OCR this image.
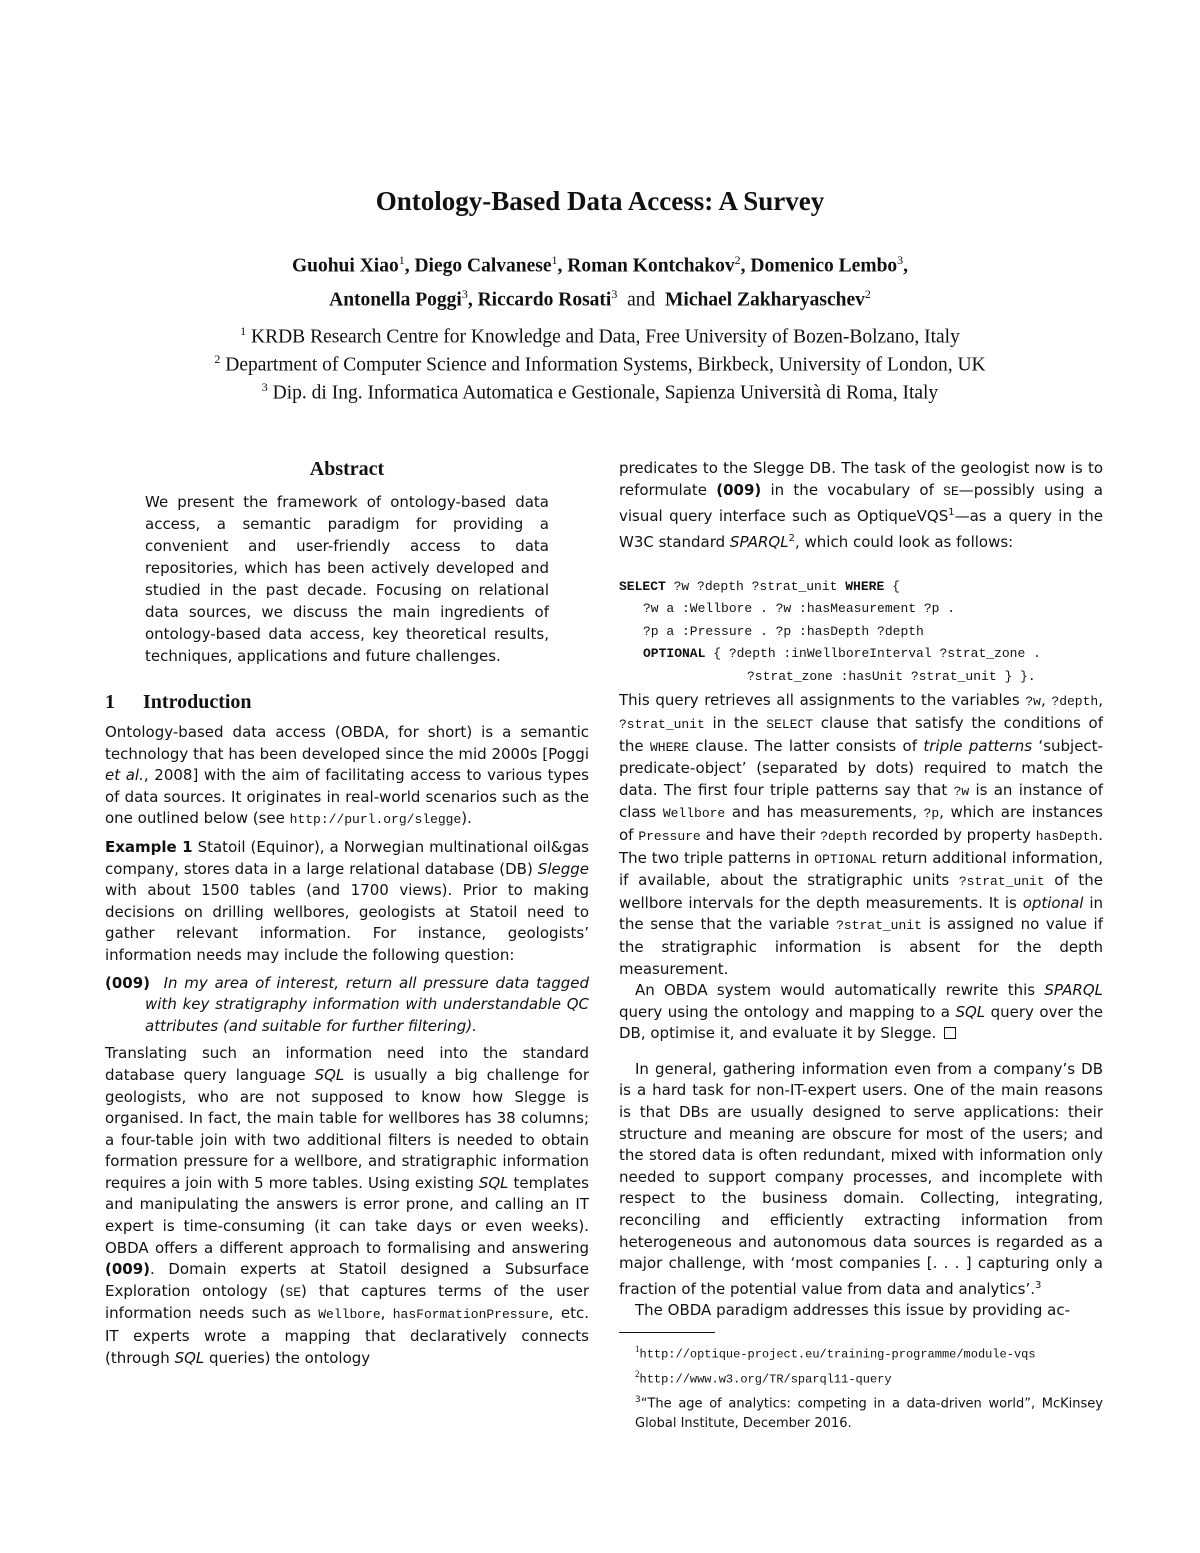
Ontology-Based Data Access: A Survey
Guohui Xiao$^1$, Diego Calvanese$^1$, Roman Kontchakov$^2$, Domenico Lembo$^3$,
Antonella Poggi$^3$, Riccardo Rosati$^3$ and Michael Zakharyaschev$^2$
$^1$ KRDB Research Centre for Knowledge and Data, Free University of Bozen-Bolzano, Italy
$^2$ Department of Computer Science and Information Systems, Birkbeck, University of London, UK
$^3$ Dip. di Ing. Informatica Automatica e Gestionale, Sapienza Università di Roma, Italy
Abstract

We present the framework of ontology-based data access, a semantic paradigm for providing a convenient and user-friendly access to data repositories, which has been actively developed and studied in the past decade. Focusing on relational data sources, we discuss the main ingredients of ontology-based data access, key theoretical results, techniques, applications and future challenges.

1 Introduction

Ontology-based data access (OBDA, for short) is a semantic technology that has been developed since the mid 2000s [Poggi et al., 2008] with the aim of facilitating access to various types of data sources. It originates in real-world scenarios such as the one outlined below (see http://purl.org/slegge).

Example 1 Statoil (Equinor), a Norwegian multinational oil&gas company, stores data in a large relational database (DB) Slegge with about 1500 tables (and 1700 views). Prior to making decisions on drilling wellbores, geologists at Statoil need to gather relevant information. For instance, geologists’ information needs may include the following question:

(009) In my area of interest, return all pressure data tagged with key stratigraphy information with understandable QC attributes (and suitable for further filtering).

Translating such an information need into the standard database query language SQL is usually a big challenge for geologists, who are not supposed to know how Slegge is organised. In fact, the main table for wellbores has 38 columns; a four-table join with two additional filters is needed to obtain formation pressure for a wellbore, and stratigraphic information requires a join with 5 more tables. Using existing SQL templates and manipulating the answers is error prone, and calling an IT expert is time-consuming (it can take days or even weeks). OBDA offers a different approach to formalising and answering (009). Domain experts at Statoil designed a Subsurface Exploration ontology (SE) that captures terms of the user information needs such as Wellbore, hasFormationPressure, etc. IT experts wrote a mapping that declaratively connects (through SQL queries) the ontology

predicates to the Slegge DB. The task of the geologist now is to reformulate (009) in the vocabulary of SE—possibly using a visual query interface such as OptiqueVQS$^1$—as a query in the W3C standard SPARQL$^2$, which could look as follows:

SELECT ?w ?depth ?strat_unit WHERE {
?w a :Wellbore . ?w :hasMeasurement ?p .
?p a :Pressure . ?p :hasDepth ?depth
OPTIONAL { ?depth :inWellboreInterval ?strat_zone .
?strat_zone :hasUnit ?strat_unit } }.

This query retrieves all assignments to the variables ?w, ?depth, ?strat_unit in the SELECT clause that satisfy the conditions of the WHERE clause. The latter consists of triple patterns ‘subject-predicate-object’ (separated by dots) required to match the data. The first four triple patterns say that ?w is an instance of class Wellbore and has measurements, ?p, which are instances of Pressure and have their ?depth recorded by property hasDepth. The two triple patterns in OPTIONAL return additional information, if available, about the stratigraphic units ?strat_unit of the wellbore intervals for the depth measurements. It is optional in the sense that the variable ?strat_unit is assigned no value if the stratigraphic information is absent for the depth measurement.

An OBDA system would automatically rewrite this SPARQL query using the ontology and mapping to a SQL query over the DB, optimise it, and evaluate it by Slegge.

In general, gathering information even from a company’s DB is a hard task for non-IT-expert users. One of the main reasons is that DBs are usually designed to serve applications: their structure and meaning are obscure for most of the users; and the stored data is often redundant, mixed with information only needed to support company processes, and incomplete with respect to the business domain. Collecting, integrating, reconciling and efficiently extracting information from heterogeneous and autonomous data sources is regarded as a major challenge, with ‘most companies [. . . ] capturing only a fraction of the potential value from data and analytics’.$^3$

The OBDA paradigm addresses this issue by providing ac-

$^1$http://optique-project.eu/training-programme/module-vqs

$^2$http://www.w3.org/TR/sparql11-query

$^3$“The age of analytics: competing in a data-driven world”, McKinsey Global Institute, December 2016.
